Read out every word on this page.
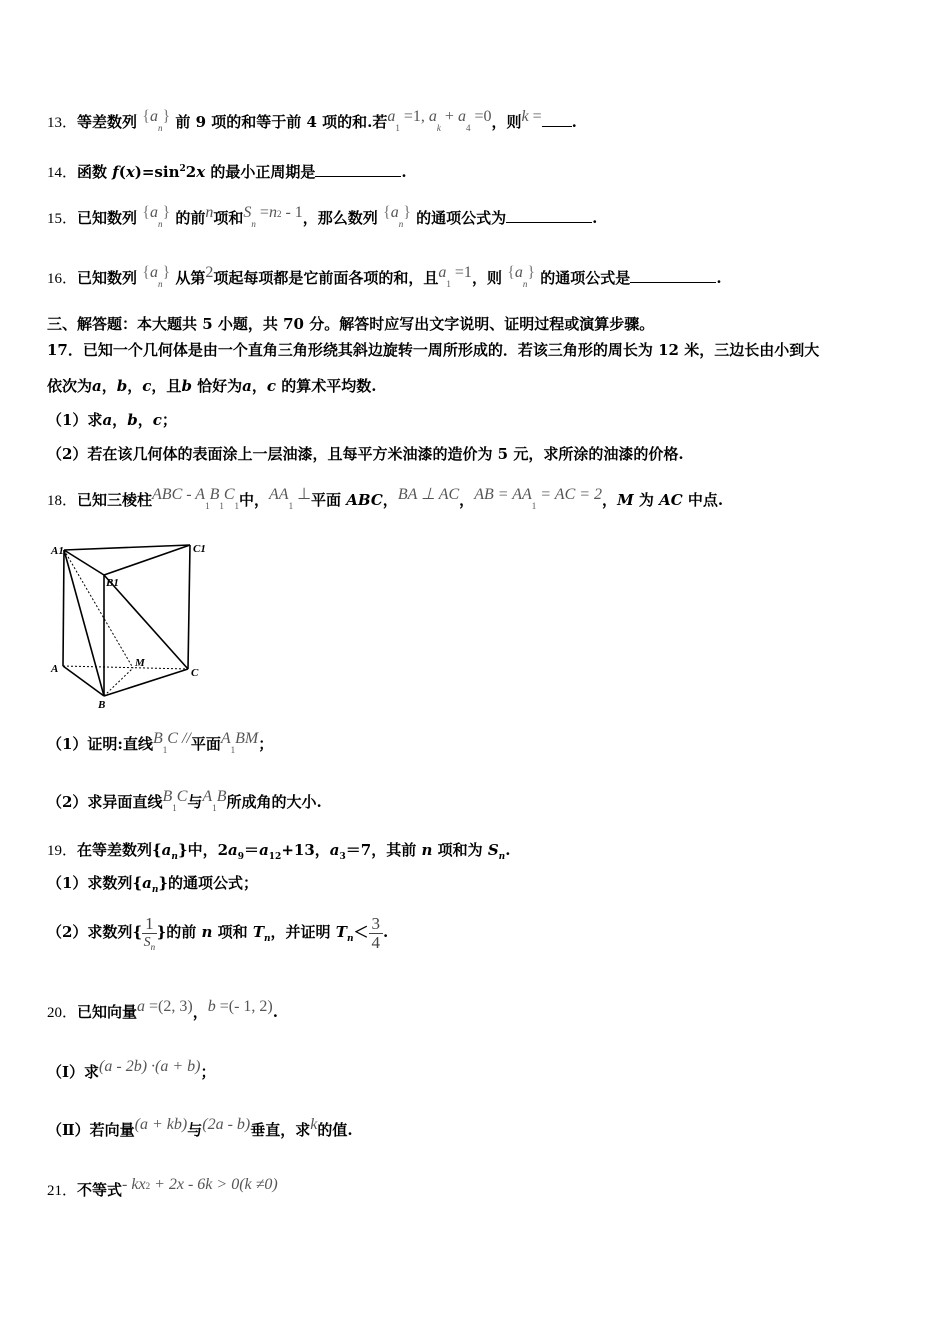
13．等差数列 $\{a_n\}$ 前 9 项的和等于前 4 项的和.若$a_1 =1$, $a_k + a_4 =0$，则k = .
14．函数 $f(x)=\sin^22x$ 的最小正周期是	.
15．已知数列 $\{a_n\}$ 的前n项和$S_n =n^2 - 1$，那么数列 $\{a_n\}$ 的通项公式为	.
16．已知数列 $\{a_n\}$ 从第2项起每项都是它前面各项的和，且$a_1 =1$，则 $\{a_n\}$ 的通项公式是	.
三、解答题：本大题共 5 小题，共 70 分。解答时应写出文字说明、证明过程或演算步骤。
17．已知一个几何体是由一个直角三角形绕其斜边旋转一周所形成的．若该三角形的周长为 12 米，三边长由小到大
依次为a，b，c，且b 恰好为a，c 的算术平均数.
（1）求a，b，c；
（2）若在该几何体的表面涂上一层油漆，且每平方米油漆的造价为 5 元，求所涂的油漆的价格.
18．已知三棱柱ABC - $A_1B_1C_1$中，$AA_1$ ⊥平面 ABC，BA ⊥ AC，AB = $AA_1$ = AC = 2，M 为 AC 中点.
A1
B1
C1
A	M
C
B
（1）证明:直线$B_1C$ //平面$A_1BM$；
（2）求异面直线$B_1C$与$A_1B$所成角的大小.
19．在等差数列$\{a_n\}$中，$2a_9=a_{12}+13$，$a_3=7$，其前 n 项和为 $S_n$.
（1）求数列$\{a_n\}$的通项公式；
（2）求数列{ $\frac{1}{S_n}$ }的前 n 项和 $T_n$，并证明 $T_n< \frac{3}{4}$ .
20．已知向量a =(2, 3)，b =(- 1, 2).
（Ⅰ）求(a - 2b) ·(a + b)；
（Ⅱ）若向量(a + kb)与(2a - b)垂直，求k的值.
21．不等式- $kx^2 + 2x - 6k > 0(k \ne 0)$
